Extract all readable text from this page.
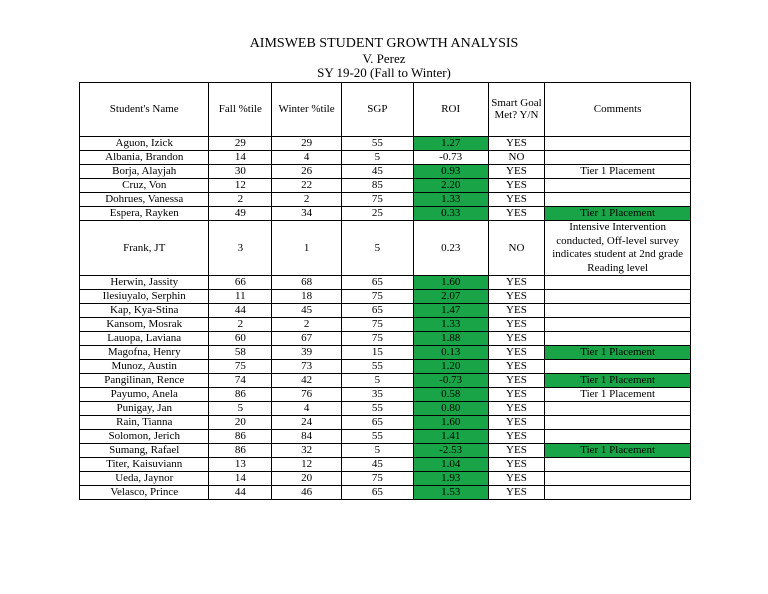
AIMSWEB STUDENT GROWTH ANALYSIS
V. Perez
SY 19-20 (Fall to Winter)
Student's Name	Fall %tile	Winter %tile	SGP	ROI	Smart Goal Met? Y/N	Comments
Aguon, Izick	29	29	55	1.27	YES	
Albania, Brandon	14	4	5	-0.73	NO	
Borja, Alayjah	30	26	45	0.93	YES	Tier 1 Placement
Cruz, Von	12	22	85	2.20	YES	
Dohrues, Vanessa	2	2	75	1.33	YES	
Espera, Rayken	49	34	25	0.33	YES	Tier 1 Placement
Frank, JT	3	1	5	0.23	NO	Intensive Intervention conducted, Off-level survey indicates student at 2nd grade Reading level
Herwin, Jassity	66	68	65	1.60	YES	
Ilesiuyalo, Serphin	11	18	75	2.07	YES	
Kap, Kya-Stina	44	45	65	1.47	YES	
Kansom, Mosrak	2	2	75	1.33	YES	
Lauopa, Laviana	60	67	75	1.88	YES	
Magofna, Henry	58	39	15	0.13	YES	Tier 1 Placement
Munoz, Austin	75	73	55	1.20	YES	
Pangilinan, Rence	74	42	5	-0.73	YES	Tier 1 Placement
Payumo, Anela	86	76	35	0.58	YES	Tier 1 Placement
Punigay, Jan	5	4	55	0.80	YES	
Rain, Tianna	20	24	65	1.60	YES	
Solomon, Jerich	86	84	55	1.41	YES	
Sumang, Rafael	86	32	5	-2.53	YES	Tier 1 Placement
Titer, Kaisuviann	13	12	45	1.04	YES	
Ueda, Jaynor	14	20	75	1.93	YES	
Velasco, Prince	44	46	65	1.53	YES	
